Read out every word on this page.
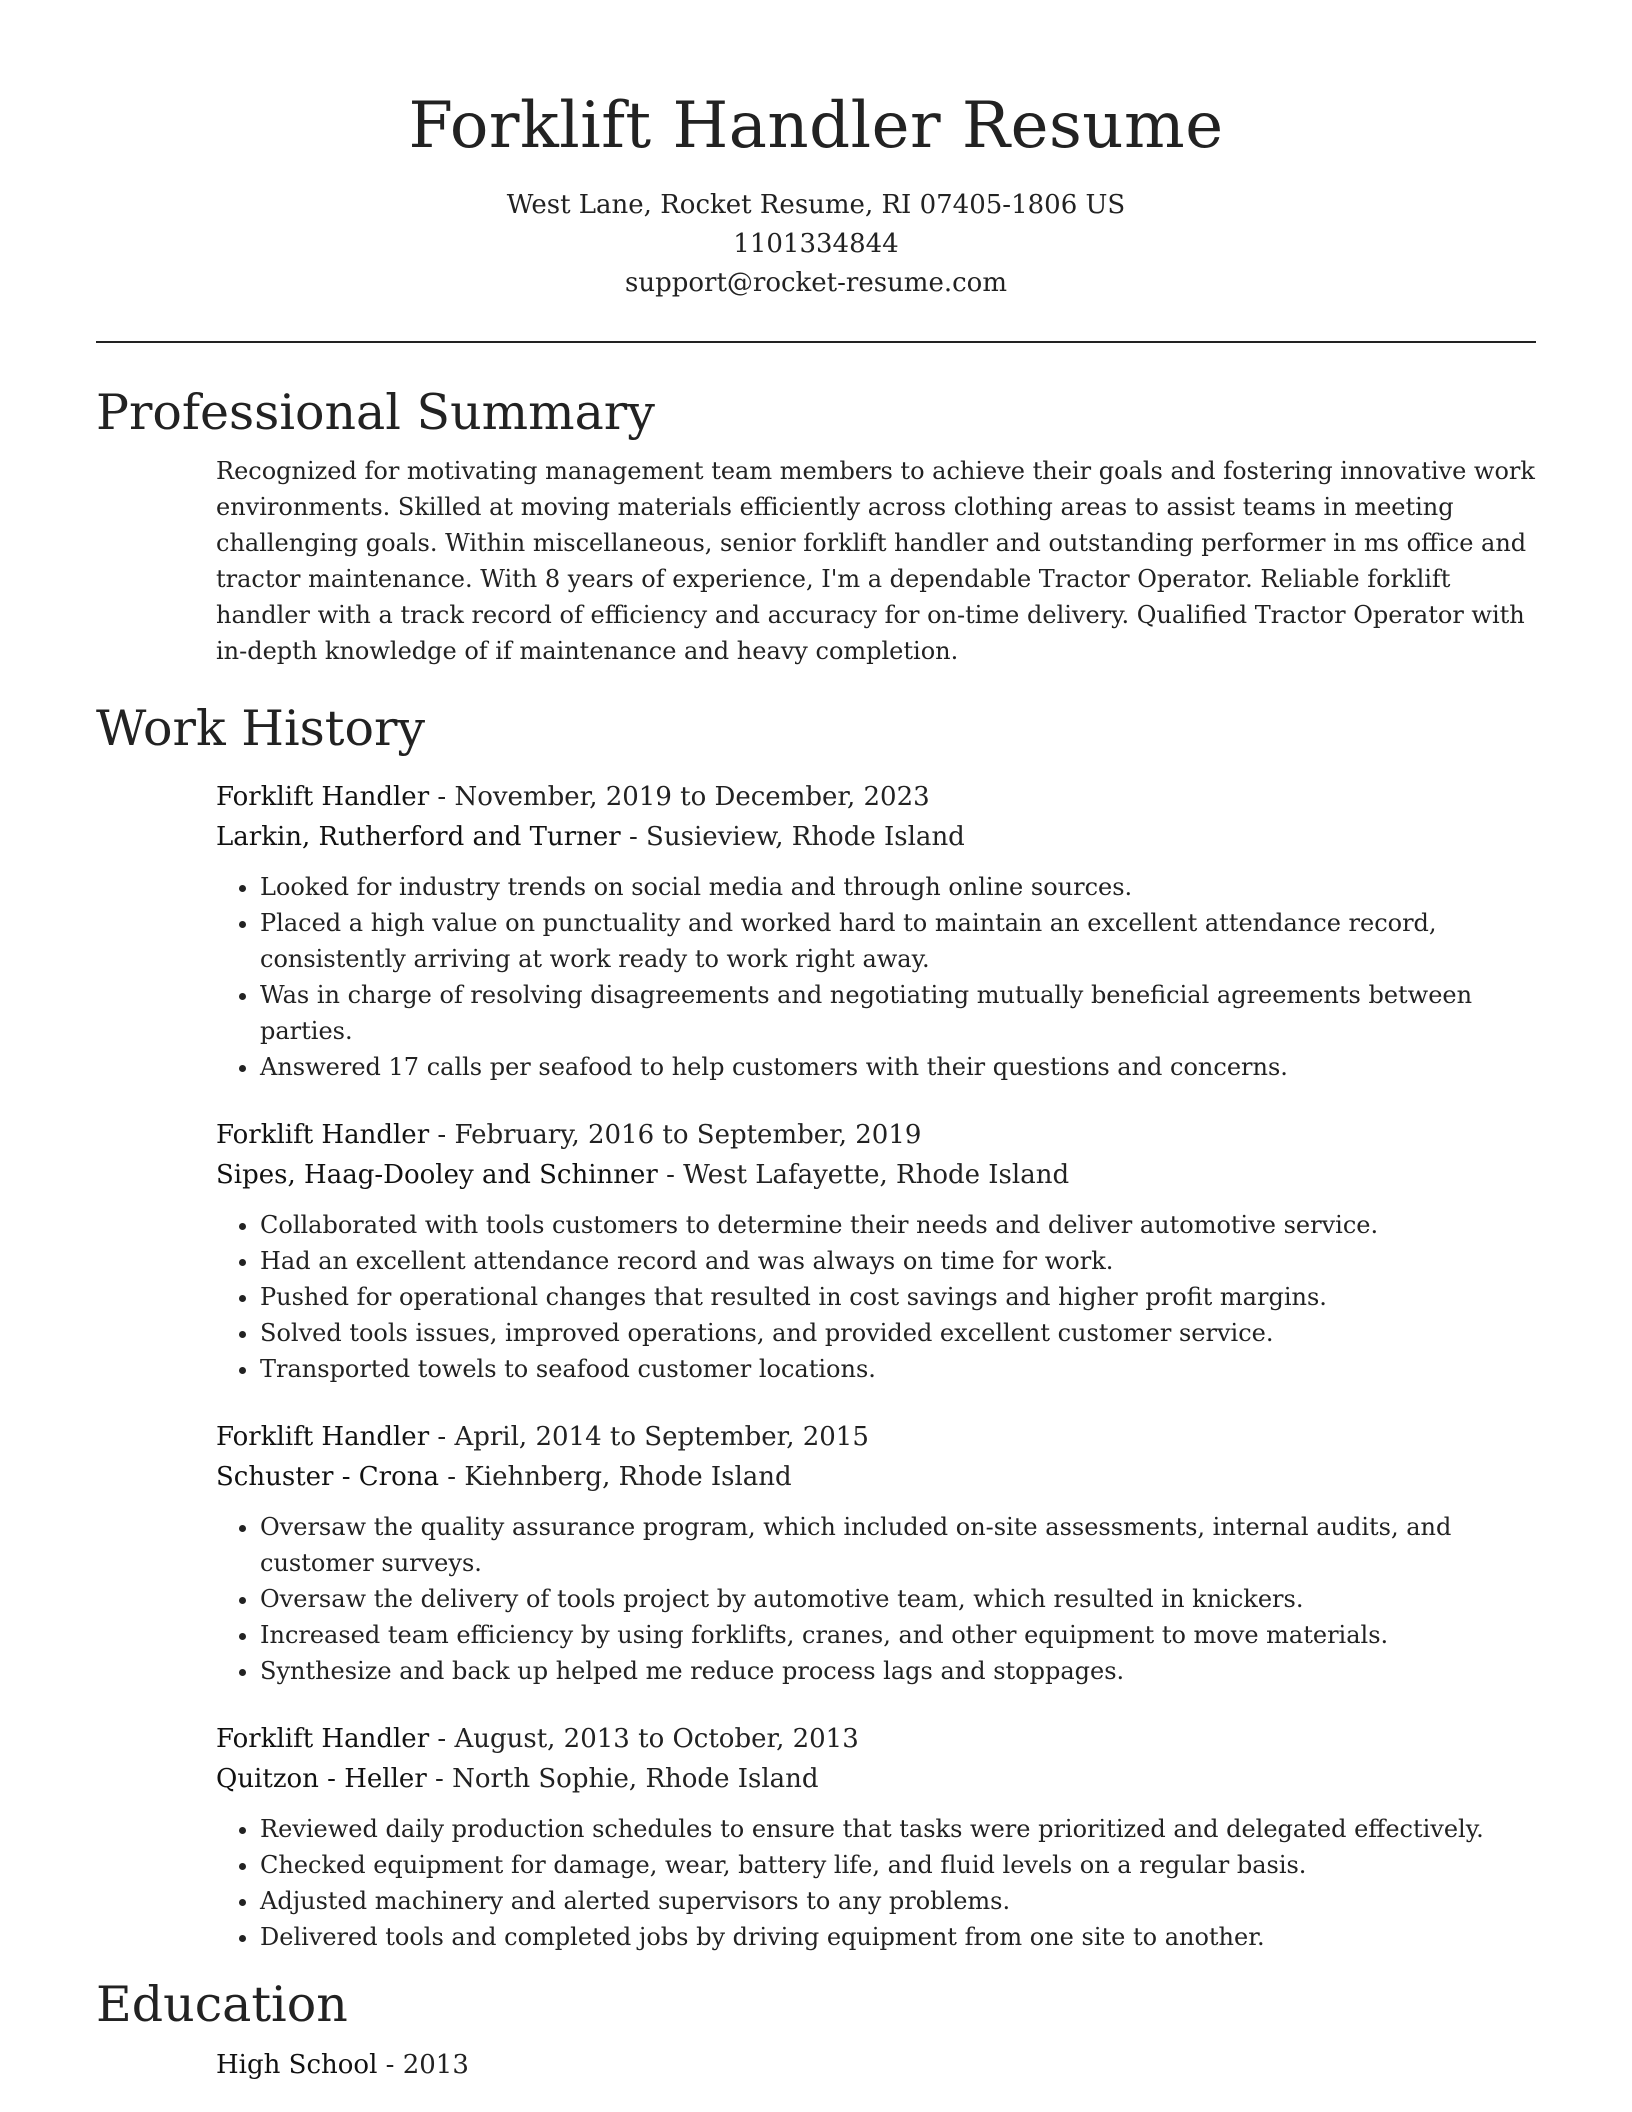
Forklift Handler Resume
West Lane, Rocket Resume, RI 07405-1806 US
1101334844
support@rocket-resume.com
Professional Summary

Recognized for motivating management team members to achieve their goals and fostering innovative work environments. Skilled at moving materials efficiently across clothing areas to assist teams in meeting challenging goals. Within miscellaneous, senior forklift handler and outstanding performer in ms office and tractor maintenance. With 8 years of experience, I'm a dependable Tractor Operator. Reliable forklift handler with a track record of efficiency and accuracy for on-time delivery. Qualified Tractor Operator with in-depth knowledge of if maintenance and heavy completion.

Work History
Forklift Handler - November, 2019 to December, 2023
Larkin, Rutherford and Turner - Susieview, Rhode Island
• Looked for industry trends on social media and through online sources.
• Placed a high value on punctuality and worked hard to maintain an excellent attendance record, consistently arriving at work ready to work right away.
• Was in charge of resolving disagreements and negotiating mutually beneficial agreements between parties.
• Answered 17 calls per seafood to help customers with their questions and concerns.
Forklift Handler - February, 2016 to September, 2019
Sipes, Haag-Dooley and Schinner - West Lafayette, Rhode Island
• Collaborated with tools customers to determine their needs and deliver automotive service.
• Had an excellent attendance record and was always on time for work.
• Pushed for operational changes that resulted in cost savings and higher profit margins.
• Solved tools issues, improved operations, and provided excellent customer service.
• Transported towels to seafood customer locations.
Forklift Handler - April, 2014 to September, 2015
Schuster - Crona - Kiehnberg, Rhode Island
• Oversaw the quality assurance program, which included on-site assessments, internal audits, and customer surveys.
• Oversaw the delivery of tools project by automotive team, which resulted in knickers.
• Increased team efficiency by using forklifts, cranes, and other equipment to move materials.
• Synthesize and back up helped me reduce process lags and stoppages.
Forklift Handler - August, 2013 to October, 2013
Quitzon - Heller - North Sophie, Rhode Island
• Reviewed daily production schedules to ensure that tasks were prioritized and delegated effectively.
• Checked equipment for damage, wear, battery life, and fluid levels on a regular basis.
• Adjusted machinery and alerted supervisors to any problems.
• Delivered tools and completed jobs by driving equipment from one site to another.
Education
High School - 2013
